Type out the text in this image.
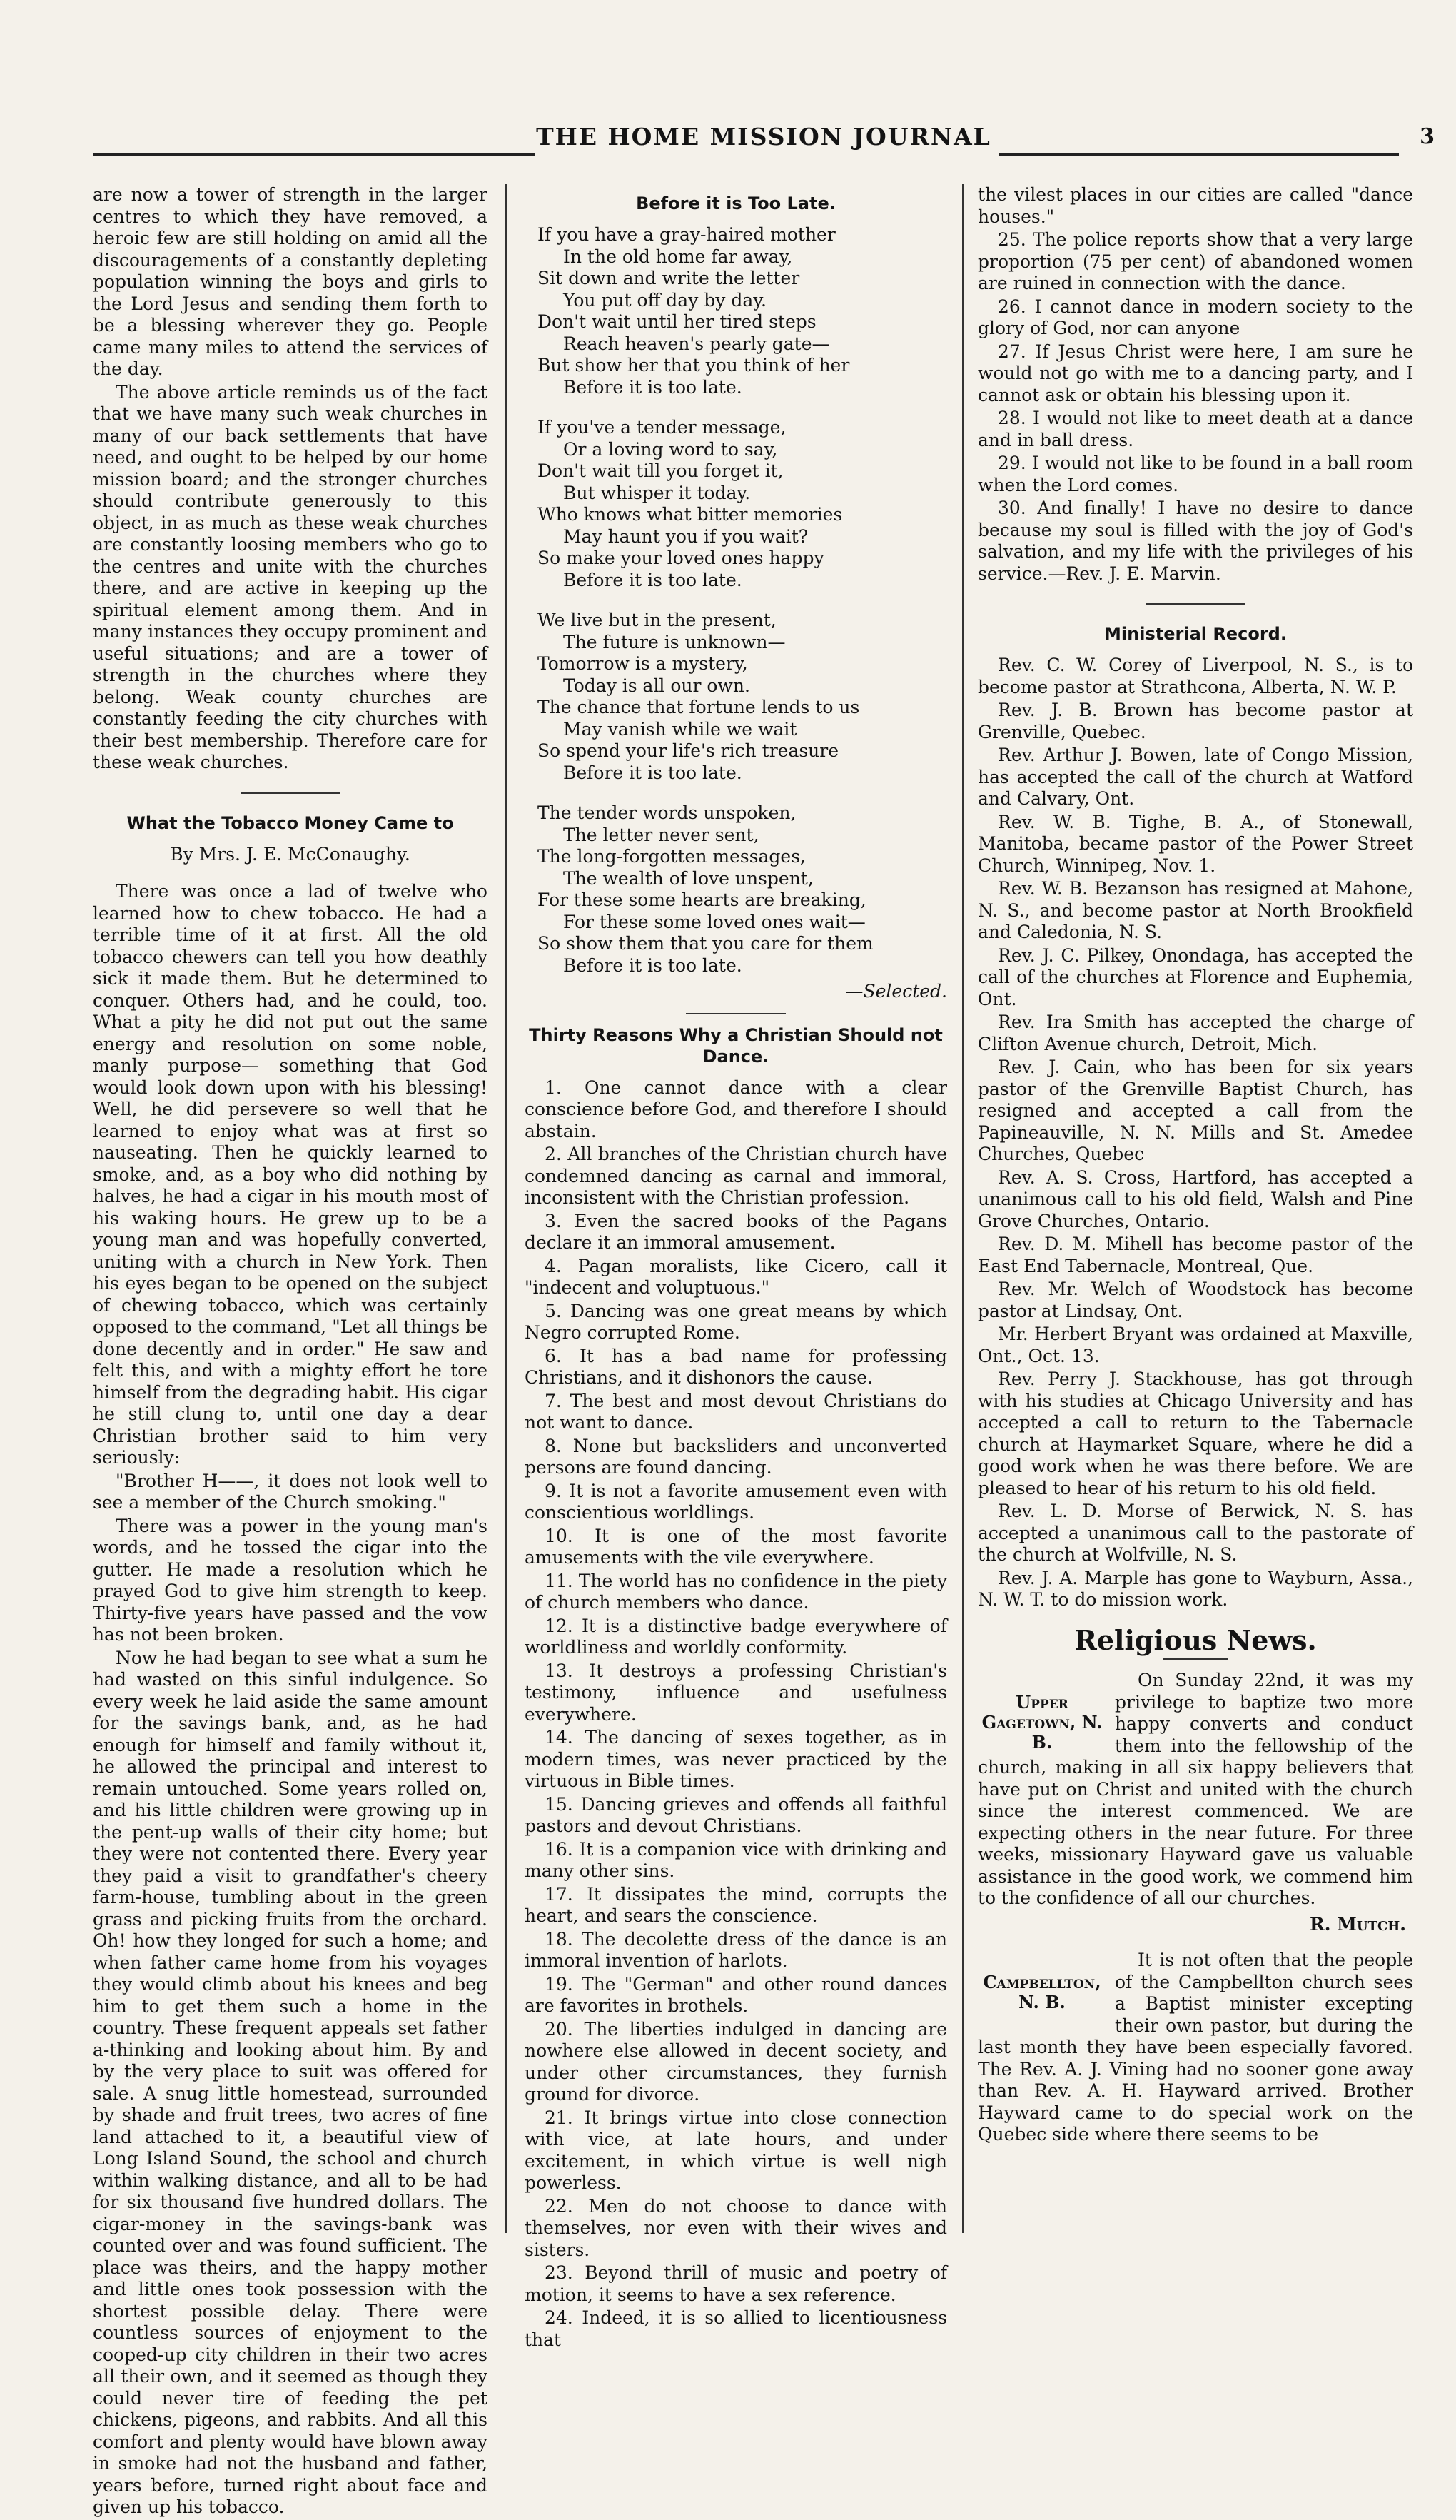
THE HOME MISSION JOURNAL	3

are now a tower of strength in the larger centres to which they have removed, a heroic few are still holding on amid all the discouragements of a constantly depleting population winning the boys and girls to the Lord Jesus and sending them forth to be a blessing wherever they go. People came many miles to attend the services of the day.

The above article reminds us of the fact that we have many such weak churches in many of our back settlements that have need, and ought to be helped by our home mission board; and the stronger churches should contribute generously to this object, in as much as these weak churches are constantly loosing members who go to the centres and unite with the churches there, and are active in keeping up the spiritual element among them. And in many instances they occupy prominent and useful situations; and are a tower of strength in the churches where they belong. Weak county churches are constantly feeding the city churches with their best membership. Therefore care for these weak churches.

What the Tobacco Money Came to
By Mrs. J. E. McConaughy.

There was once a lad of twelve who learned how to chew tobacco. He had a terrible time of it at first. All the old tobacco chewers can tell you how deathly sick it made them. But he determined to conquer. Others had, and he could, too. What a pity he did not put out the same energy and resolution on some noble, manly purpose— something that God would look down upon with his blessing! Well, he did persevere so well that he learned to enjoy what was at first so nauseating. Then he quickly learned to smoke, and, as a boy who did nothing by halves, he had a cigar in his mouth most of his waking hours. He grew up to be a young man and was hopefully converted, uniting with a church in New York. Then his eyes began to be opened on the subject of chewing tobacco, which was certainly opposed to the command, "Let all things be done decently and in order." He saw and felt this, and with a mighty effort he tore himself from the degrading habit. His cigar he still clung to, until one day a dear Christian brother said to him very seriously:

"Brother H——, it does not look well to see a member of the Church smoking."

There was a power in the young man's words, and he tossed the cigar into the gutter. He made a resolution which he prayed God to give him strength to keep. Thirty-five years have passed and the vow has not been broken.

Now he had began to see what a sum he had wasted on this sinful indulgence. So every week he laid aside the same amount for the savings bank, and, as he had enough for himself and family without it, he allowed the principal and interest to remain untouched. Some years rolled on, and his little children were growing up in the pent-up walls of their city home; but they were not contented there. Every year they paid a visit to grandfather's cheery farm-house, tumbling about in the green grass and picking fruits from the orchard. Oh! how they longed for such a home; and when father came home from his voyages they would climb about his knees and beg him to get them such a home in the country. These frequent appeals set father a-thinking and looking about him. By and by the very place to suit was offered for sale. A snug little homestead, surrounded by shade and fruit trees, two acres of fine land attached to it, a beautiful view of Long Island Sound, the school and church within walking distance, and all to be had for six thousand five hundred dollars. The cigar-money in the savings-bank was counted over and was found sufficient. The place was theirs, and the happy mother and little ones took possession with the shortest possible delay. There were countless sources of enjoyment to the cooped-up city children in their two acres all their own, and it seemed as though they could never tire of feeding the pet chickens, pigeons, and rabbits. And all this comfort and plenty would have blown away in smoke had not the husband and father, years before, turned right about face and given up his tobacco.

Before it is Too Late.
If you have a gray-haired mother
In the old home far away,
Sit down and write the letter
You put off day by day.
Don't wait until her tired steps
Reach heaven's pearly gate—
But show her that you think of her
Before it is too late.
If you've a tender message,
Or a loving word to say,
Don't wait till you forget it,
But whisper it today.
Who knows what bitter memories
May haunt you if you wait?
So make your loved ones happy
Before it is too late.
We live but in the present,
The future is unknown—
Tomorrow is a mystery,
Today is all our own.
The chance that fortune lends to us
May vanish while we wait
So spend your life's rich treasure
Before it is too late.
The tender words unspoken,
The letter never sent,
The long-forgotten messages,
The wealth of love unspent,
For these some hearts are breaking,
For these some loved ones wait—
So show them that you care for them
Before it is too late.
—Selected.
Thirty Reasons Why a Christian Should not Dance.

1. One cannot dance with a clear conscience before God, and therefore I should abstain.

2. All branches of the Christian church have condemned dancing as carnal and immoral, inconsistent with the Christian profession.

3. Even the sacred books of the Pagans declare it an immoral amusement.

4. Pagan moralists, like Cicero, call it "indecent and voluptuous."

5. Dancing was one great means by which Negro corrupted Rome.

6. It has a bad name for professing Christians, and it dishonors the cause.

7. The best and most devout Christians do not want to dance.

8. None but backsliders and unconverted persons are found dancing.

9. It is not a favorite amusement even with conscientious worldlings.

10. It is one of the most favorite amusements with the vile everywhere.

11. The world has no confidence in the piety of church members who dance.

12. It is a distinctive badge everywhere of worldliness and worldly conformity.

13. It destroys a professing Christian's testimony, influence and usefulness everywhere.

14. The dancing of sexes together, as in modern times, was never practiced by the virtuous in Bible times.

15. Dancing grieves and offends all faithful pastors and devout Christians.

16. It is a companion vice with drinking and many other sins.

17. It dissipates the mind, corrupts the heart, and sears the conscience.

18. The decolette dress of the dance is an immoral invention of harlots.

19. The "German" and other round dances are favorites in brothels.

20. The liberties indulged in dancing are nowhere else allowed in decent society, and under other circumstances, they furnish ground for divorce.

21. It brings virtue into close connection with vice, at late hours, and under excitement, in which virtue is well nigh powerless.

22. Men do not choose to dance with themselves, nor even with their wives and sisters.

23. Beyond thrill of music and poetry of motion, it seems to have a sex reference.

24. Indeed, it is so allied to licentiousness that

the vilest places in our cities are called "dance houses."

25. The police reports show that a very large proportion (75 per cent) of abandoned women are ruined in connection with the dance.

26. I cannot dance in modern society to the glory of God, nor can anyone

27. If Jesus Christ were here, I am sure he would not go with me to a dancing party, and I cannot ask or obtain his blessing upon it.

28. I would not like to meet death at a dance and in ball dress.

29. I would not like to be found in a ball room when the Lord comes.

30. And finally! I have no desire to dance because my soul is filled with the joy of God's salvation, and my life with the privileges of his service.—Rev. J. E. Marvin.

Ministerial Record.

Rev. C. W. Corey of Liverpool, N. S., is to become pastor at Strathcona, Alberta, N. W. P.

Rev. J. B. Brown has become pastor at Grenville, Quebec.

Rev. Arthur J. Bowen, late of Congo Mission, has accepted the call of the church at Watford and Calvary, Ont.

Rev. W. B. Tighe, B. A., of Stonewall, Manitoba, became pastor of the Power Street Church, Winnipeg, Nov. 1.

Rev. W. B. Bezanson has resigned at Mahone, N. S., and become pastor at North Brookfield and Caledonia, N. S.

Rev. J. C. Pilkey, Onondaga, has accepted the call of the churches at Florence and Euphemia, Ont.

Rev. Ira Smith has accepted the charge of Clifton Avenue church, Detroit, Mich.

Rev. J. Cain, who has been for six years pastor of the Grenville Baptist Church, has resigned and accepted a call from the Papineauville, N. N. Mills and St. Amedee Churches, Quebec

Rev. A. S. Cross, Hartford, has accepted a unanimous call to his old field, Walsh and Pine Grove Churches, Ontario.

Rev. D. M. Mihell has become pastor of the East End Tabernacle, Montreal, Que.

Rev. Mr. Welch of Woodstock has become pastor at Lindsay, Ont.

Mr. Herbert Bryant was ordained at Maxville, Ont., Oct. 13.

Rev. Perry J. Stackhouse, has got through with his studies at Chicago University and has accepted a call to return to the Tabernacle church at Haymarket Square, where he did a good work when he was there before. We are pleased to hear of his return to his old field.

Rev. L. D. Morse of Berwick, N. S. has accepted a unanimous call to the pastorate of the church at Wolfville, N. S.

Rev. J. A. Marple has gone to Wayburn, Assa., N. W. T. to do mission work.

Religious News.
Upper Gagetown, N. B.

On Sunday 22nd, it was my privilege to baptize two more happy converts and conduct them into the fellowship of the church, making in all six happy believers that have put on Christ and united with the church since the interest commenced. We are expecting others in the near future. For three weeks, missionary Hayward gave us valuable assistance in the good work, we commend him to the confidence of all our churches.

R. Mutch.
Campbellton, N. B.

It is not often that the people of the Campbellton church sees a Baptist minister excepting their own pastor, but during the last month they have been especially favored. The Rev. A. J. Vining had no sooner gone away than Rev. A. H. Hayward arrived. Brother Hayward came to do special work on the Quebec side where there seems to be
